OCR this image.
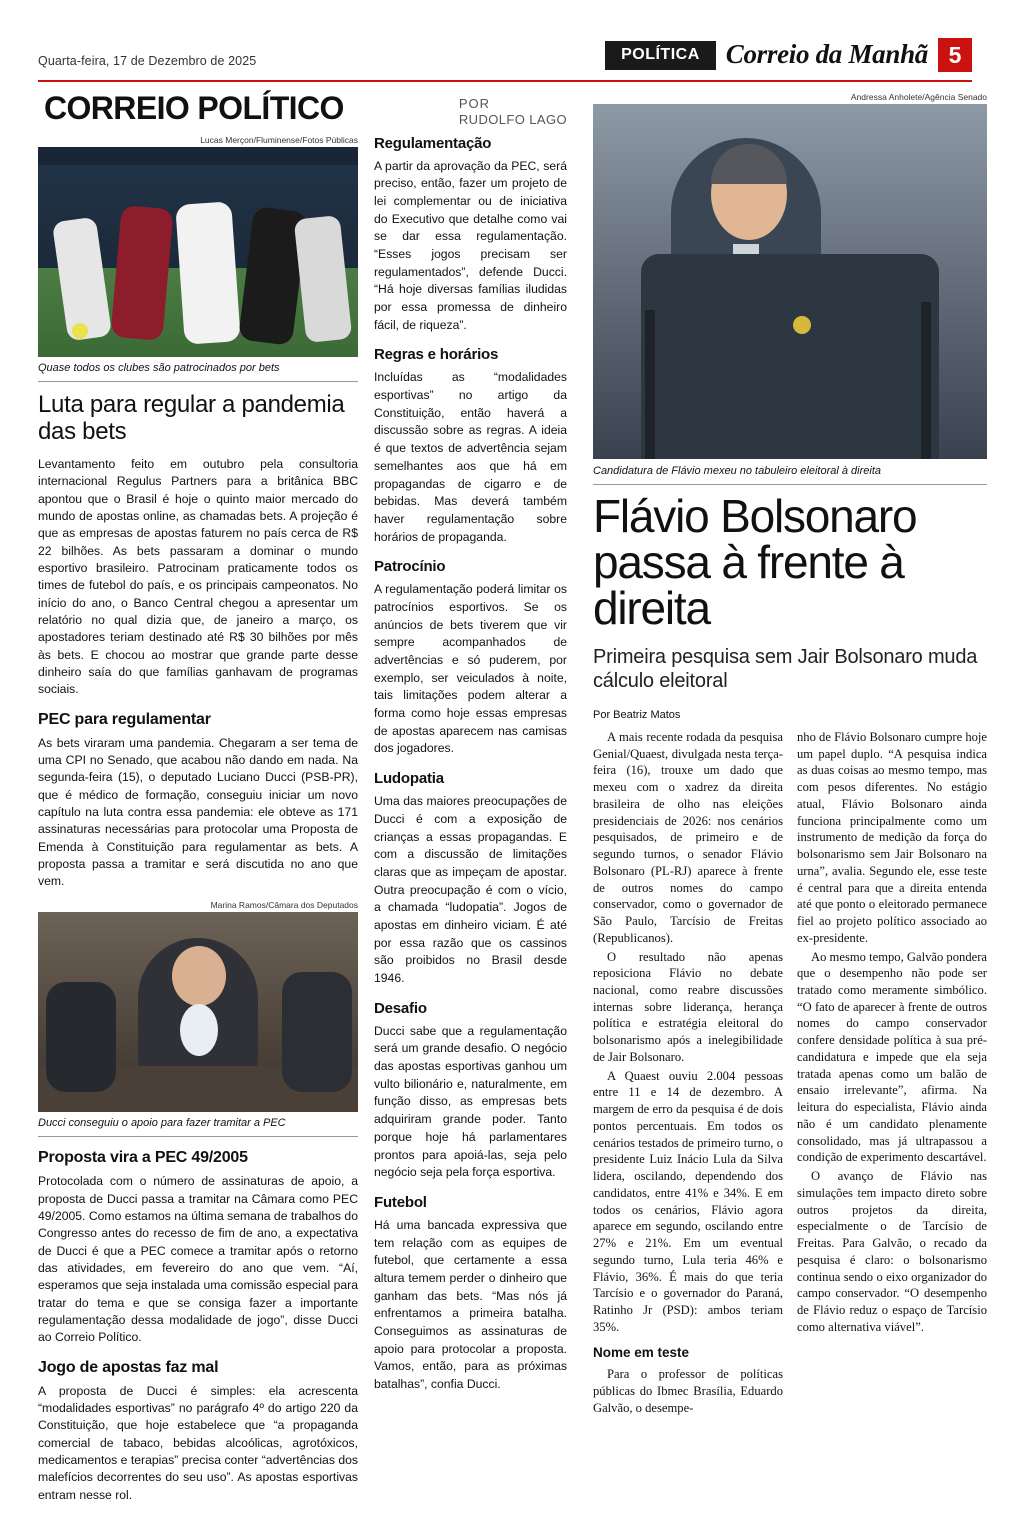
Quarta-feira, 17 de Dezembro de 2025	POLÍTICA Correio da Manhã 5
CORREIO POLÍTICO	POR
RUDOLFO LAGO
Lucas Merçon/Fluminense/Fotos Públicas
Quase todos os clubes são patrocinados por bets
Luta para regular a pandemia das bets

Levantamento feito em outubro pela consultoria internacional Regulus Partners para a britânica BBC apontou que o Brasil é hoje o quinto maior mercado do mundo de apostas online, as chamadas bets. A projeção é que as empresas de apostas faturem no país cerca de R$ 22 bilhões. As bets passaram a dominar o mundo esportivo brasileiro. Patrocinam praticamente todos os times de futebol do país, e os principais campeonatos. No início do ano, o Banco Central chegou a apresentar um relatório no qual dizia que, de janeiro a março, os apostadores teriam destinado até R$ 30 bilhões por mês às bets. E chocou ao mostrar que grande parte desse dinheiro saía do que famílias ganhavam de programas sociais.

PEC para regulamentar

As bets viraram uma pandemia. Chegaram a ser tema de uma CPI no Senado, que acabou não dando em nada. Na segunda-feira (15), o deputado Luciano Ducci (PSB-PR), que é médico de formação, conseguiu iniciar um novo capítulo na luta contra essa pandemia: ele obteve as 171 assinaturas necessárias para protocolar uma Proposta de Emenda à Constituição para regulamentar as bets. A proposta passa a tramitar e será discutida no ano que vem.

Marina Ramos/Câmara dos Deputados
Ducci conseguiu o apoio para fazer tramitar a PEC
Proposta vira a PEC 49/2005

Protocolada com o número de assinaturas de apoio, a proposta de Ducci passa a tramitar na Câmara como PEC 49/2005. Como estamos na última semana de trabalhos do Congresso antes do recesso de fim de ano, a expectativa de Ducci é que a PEC comece a tramitar após o retorno das atividades, em fevereiro do ano que vem. “Aí, esperamos que seja instalada uma comissão especial para tratar do tema e que se consiga fazer a importante regulamentação dessa modalidade de jogo”, disse Ducci ao Correio Político.

Jogo de apostas faz mal

A proposta de Ducci é simples: ela acrescenta “modalidades esportivas” no parágrafo 4º do artigo 220 da Constituição, que hoje estabelece que “a propaganda comercial de tabaco, bebidas alcoólicas, agrotóxicos, medicamentos e terapias” precisa conter “advertências dos malefícios decorrentes do seu uso”. As apostas esportivas entram nesse rol.

Regulamentação

A partir da aprovação da PEC, será preciso, então, fazer um projeto de lei complementar ou de iniciativa do Executivo que detalhe como vai se dar essa regulamentação. “Esses jogos precisam ser regulamentados”, defende Ducci. “Há hoje diversas famílias iludidas por essa promessa de dinheiro fácil, de riqueza”.

Regras e horários

Incluídas as “modalidades esportivas” no artigo da Constituição, então haverá a discussão sobre as regras. A ideia é que textos de advertência sejam semelhantes aos que há em propagandas de cigarro e de bebidas. Mas deverá também haver regulamentação sobre horários de propaganda.

Patrocínio

A regulamentação poderá limitar os patrocínios esportivos. Se os anúncios de bets tiverem que vir sempre acompanhados de advertências e só puderem, por exemplo, ser veiculados à noite, tais limitações podem alterar a forma como hoje essas empresas de apostas aparecem nas camisas dos jogadores.

Ludopatia

Uma das maiores preocupações de Ducci é com a exposição de crianças a essas propagandas. E com a discussão de limitações claras que as impeçam de apostar. Outra preocupação é com o vício, a chamada “ludopatia”. Jogos de apostas em dinheiro viciam. É até por essa razão que os cassinos são proibidos no Brasil desde 1946.

Desafio

Ducci sabe que a regulamentação será um grande desafio. O negócio das apostas esportivas ganhou um vulto bilionário e, naturalmente, em função disso, as empresas bets adquiriram grande poder. Tanto porque hoje há parlamentares prontos para apoiá-las, seja pelo negócio seja pela força esportiva.

Futebol

Há uma bancada expressiva que tem relação com as equipes de futebol, que certamente a essa altura temem perder o dinheiro que ganham das bets. “Mas nós já enfrentamos a primeira batalha. Conseguimos as assinaturas de apoio para protocolar a proposta. Vamos, então, para as próximas batalhas”, confia Ducci.

Andressa Anholete/Agência Senado
Candidatura de Flávio mexeu no tabuleiro eleitoral à direita
Flávio Bolsonaro passa à frente à direita
Primeira pesquisa sem Jair Bolsonaro muda cálculo eleitoral
Por Beatriz Matos

A mais recente rodada da pesquisa Genial/Quaest, divulgada nesta terça-feira (16), trouxe um dado que mexeu com o xadrez da direita brasileira de olho nas eleições presidenciais de 2026: nos cenários pesquisados, de primeiro e de segundo turnos, o senador Flávio Bolsonaro (PL-RJ) aparece à frente de outros nomes do campo conservador, como o governador de São Paulo, Tarcísio de Freitas (Republicanos).

O resultado não apenas reposiciona Flávio no debate nacional, como reabre discussões internas sobre liderança, herança política e estratégia eleitoral do bolsonarismo após a inelegibilidade de Jair Bolsonaro.

A Quaest ouviu 2.004 pessoas entre 11 e 14 de dezembro. A margem de erro da pesquisa é de dois pontos percentuais. Em todos os cenários testados de primeiro turno, o presidente Luiz Inácio Lula da Silva lidera, oscilando, dependendo dos candidatos, entre 41% e 34%. E em todos os cenários, Flávio agora aparece em segundo, oscilando entre 27% e 21%. Em um eventual segundo turno, Lula teria 46% e Flávio, 36%. É mais do que teria Tarcísio e o governador do Paraná, Ratinho Jr (PSD): ambos teriam 35%.

Nome em teste

Para o professor de políticas públicas do Ibmec Brasília, Eduardo Galvão, o desempe-

nho de Flávio Bolsonaro cumpre hoje um papel duplo. “A pesquisa indica as duas coisas ao mesmo tempo, mas com pesos diferentes. No estágio atual, Flávio Bolsonaro ainda funciona principalmente como um instrumento de medição da força do bolsonarismo sem Jair Bolsonaro na urna”, avalia. Segundo ele, esse teste é central para que a direita entenda até que ponto o eleitorado permanece fiel ao projeto político associado ao ex-presidente.

Ao mesmo tempo, Galvão pondera que o desempenho não pode ser tratado como meramente simbólico. “O fato de aparecer à frente de outros nomes do campo conservador confere densidade política à sua pré-candidatura e impede que ela seja tratada apenas como um balão de ensaio irrelevante”, afirma. Na leitura do especialista, Flávio ainda não é um candidato plenamente consolidado, mas já ultrapassou a condição de experimento descartável.

O avanço de Flávio nas simulações tem impacto direto sobre outros projetos da direita, especialmente o de Tarcísio de Freitas. Para Galvão, o recado da pesquisa é claro: o bolsonarismo continua sendo o eixo organizador do campo conservador. “O desempenho de Flávio reduz o espaço de Tarcísio como alternativa viável”.
